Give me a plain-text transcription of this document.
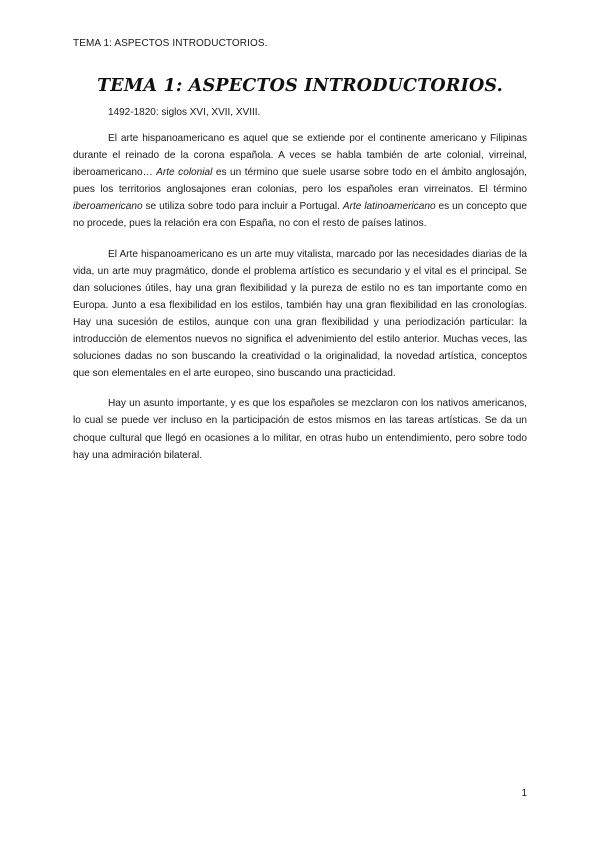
TEMA 1: ASPECTOS INTRODUCTORIOS.
TEMA 1: ASPECTOS INTRODUCTORIOS.

1492-1820: siglos XVI, XVII, XVIII.

El arte hispanoamericano es aquel que se extiende por el continente americano y Filipinas durante el reinado de la corona española. A veces se habla también de arte colonial, virreinal, iberoamericano… Arte colonial es un término que suele usarse sobre todo en el ámbito anglosajón, pues los territorios anglosajones eran colonias, pero los españoles eran virreinatos. El término iberoamericano se utiliza sobre todo para incluir a Portugal. Arte latinoamericano es un concepto que no procede, pues la relación era con España, no con el resto de países latinos.

El Arte hispanoamericano es un arte muy vitalista, marcado por las necesidades diarias de la vida, un arte muy pragmático, donde el problema artístico es secundario y el vital es el principal. Se dan soluciones útiles, hay una gran flexibilidad y la pureza de estilo no es tan importante como en Europa. Junto a esa flexibilidad en los estilos, también hay una gran flexibilidad en las cronologías. Hay una sucesión de estilos, aunque con una gran flexibilidad y una periodización particular: la introducción de elementos nuevos no significa el advenimiento del estilo anterior. Muchas veces, las soluciones dadas no son buscando la creatividad o la originalidad, la novedad artística, conceptos que son elementales en el arte europeo, sino buscando una practicidad.

Hay un asunto importante, y es que los españoles se mezclaron con los nativos americanos, lo cual se puede ver incluso en la participación de estos mismos en las tareas artísticas. Se da un choque cultural que llegó en ocasiones a lo militar, en otras hubo un entendimiento, pero sobre todo hay una admiración bilateral.

1
